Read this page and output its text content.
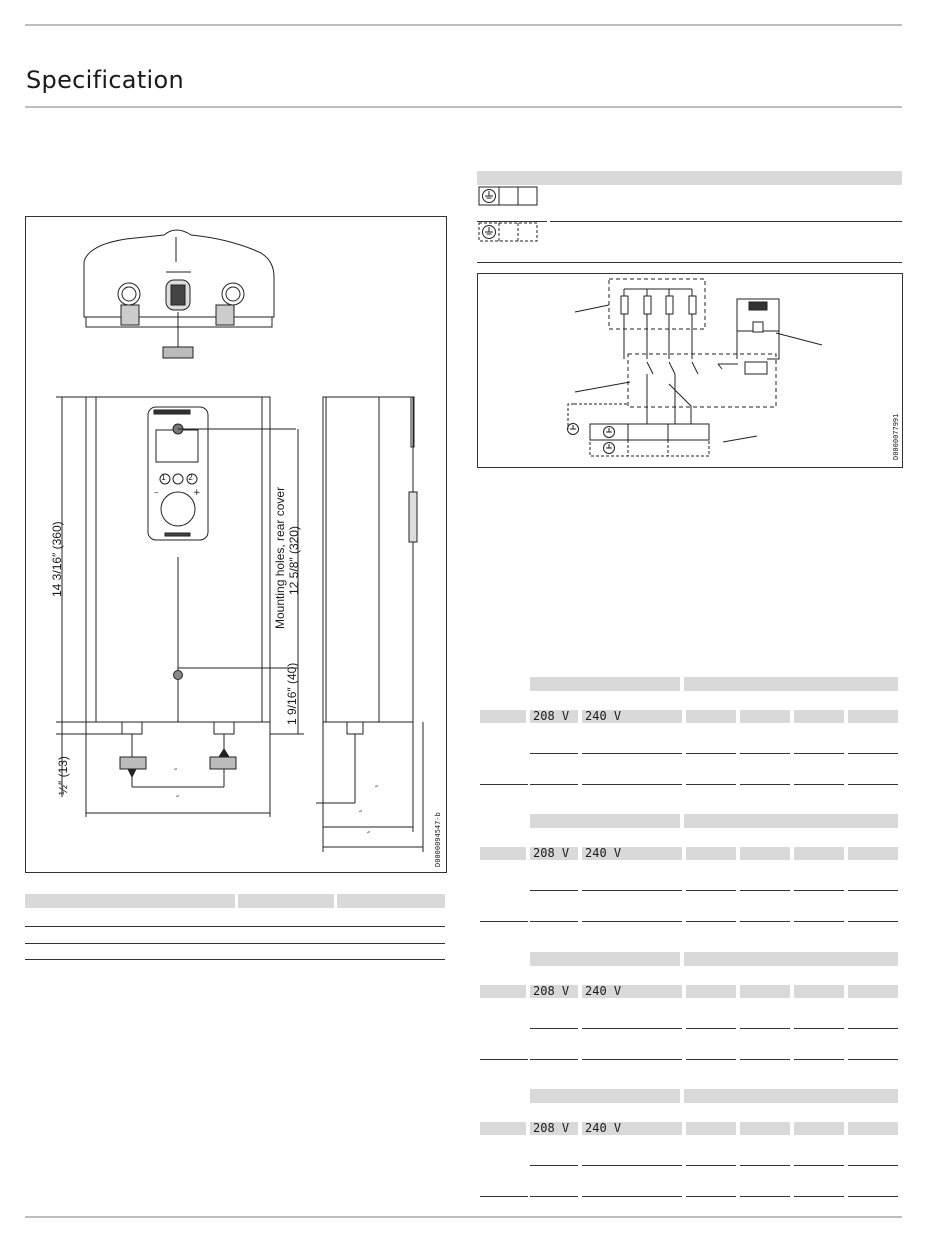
Specification
″
″
″
″
″
1	2
–	+
14 3/16″ (360)	Mounting holes, rear cover 12 5/8″ (320)
1 9/16″ (40)
½″ (13)
D0000094547-b
D0000077991
208 V	240 V
208 V	240 V
208 V	240 V
208 V	240 V
